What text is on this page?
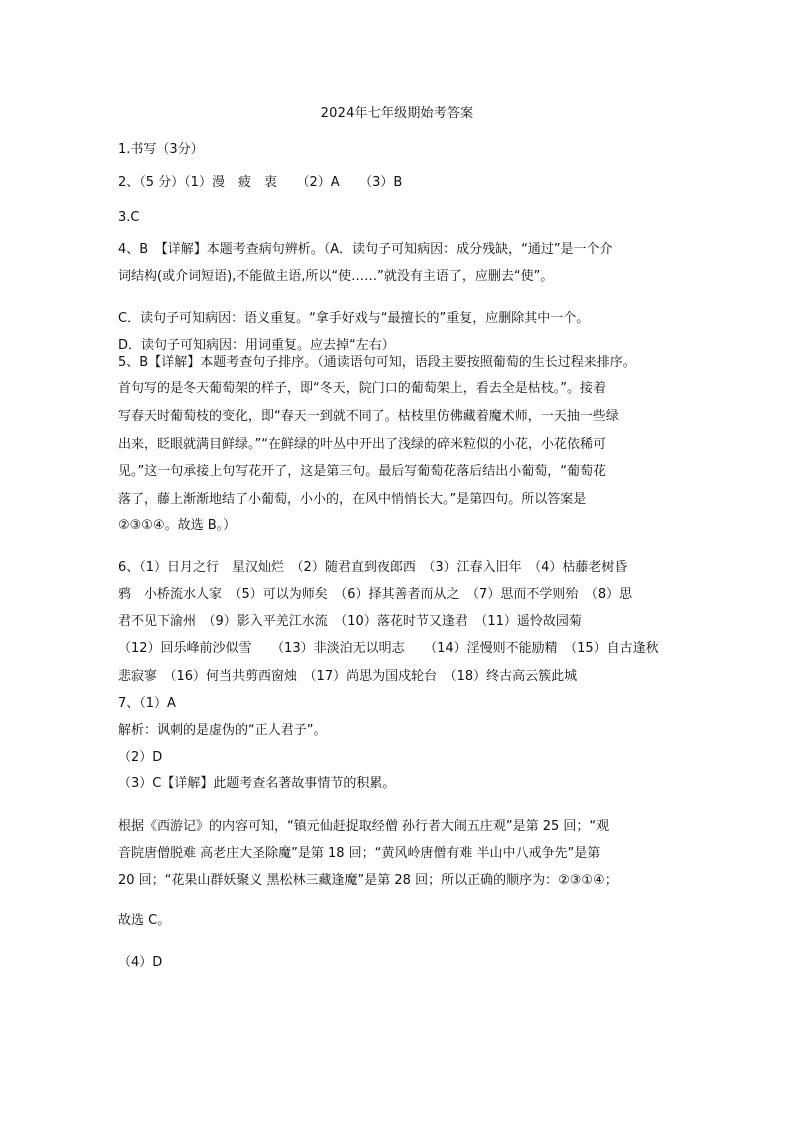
2024年七年级期始考答案
1.书写（3分）
2、（5 分）（1）漫　疲　衷　　（2）A　　（3）B
3.C
4、B　【详解】本题考查病句辨析。（A．读句子可知病因：成分残缺，“通过”是一个介
词结构(或介词短语),不能做主语,所以“使……”就没有主语了，应删去“使”。
C．读句子可知病因：语义重复。“拿手好戏与“最擅长的”重复，应删除其中一个。
D．读句子可知病因：用词重复。应去掉“左右）
5、B【详解】本题考查句子排序。（通读语句可知，语段主要按照葡萄的生长过程来排序。
首句写的是冬天葡萄架的样子，即“冬天，院门口的葡萄架上，看去全是枯枝。”。接着
写春天时葡萄枝的变化，即“春天一到就不同了。枯枝里仿佛藏着魔术师，一天抽一些绿
出来，眨眼就满目鲜绿。”“在鲜绿的叶丛中开出了浅绿的碎米粒似的小花，小花依稀可
见。”这一句承接上句写花开了，这是第三句。最后写葡萄花落后结出小葡萄，“葡萄花
落了，藤上渐渐地结了小葡萄，小小的，在风中悄悄长大。”是第四句。所以答案是
②③①④。故选 B。）
6、（1）日月之行　星汉灿烂　（2）随君直到夜郎西　（3）江春入旧年　（4）枯藤老树昏
鸦　小桥流水人家　（5）可以为师矣　（6）择其善者而从之　（7）思而不学则殆　（8）思
君不见下渝州　（9）影入平羌江水流　（10）落花时节又逢君　（11）遥怜故园菊
（12）回乐峰前沙似雪　　（13）非淡泊无以明志　　（14）淫慢则不能励精　（15）自古逢秋
悲寂寥　（16）何当共剪西窗烛　（17）尚思为国戍轮台　（18）终古高云簇此城
7、（1）A
解析：讽刺的是虚伪的“正人君子”。
（2）D
（3）C【详解】此题考查名著故事情节的积累。
根据《西游记》的内容可知，“镇元仙赶捉取经僧 孙行者大闹五庄观”是第 25 回；“观
音院唐僧脱难 高老庄大圣除魔”是第 18 回；“黄风岭唐僧有难 半山中八戒争先”是第
20 回；“花果山群妖聚义 黑松林三藏逢魔”是第 28 回；所以正确的顺序为：②③①④；
故选 C。
（4）D
